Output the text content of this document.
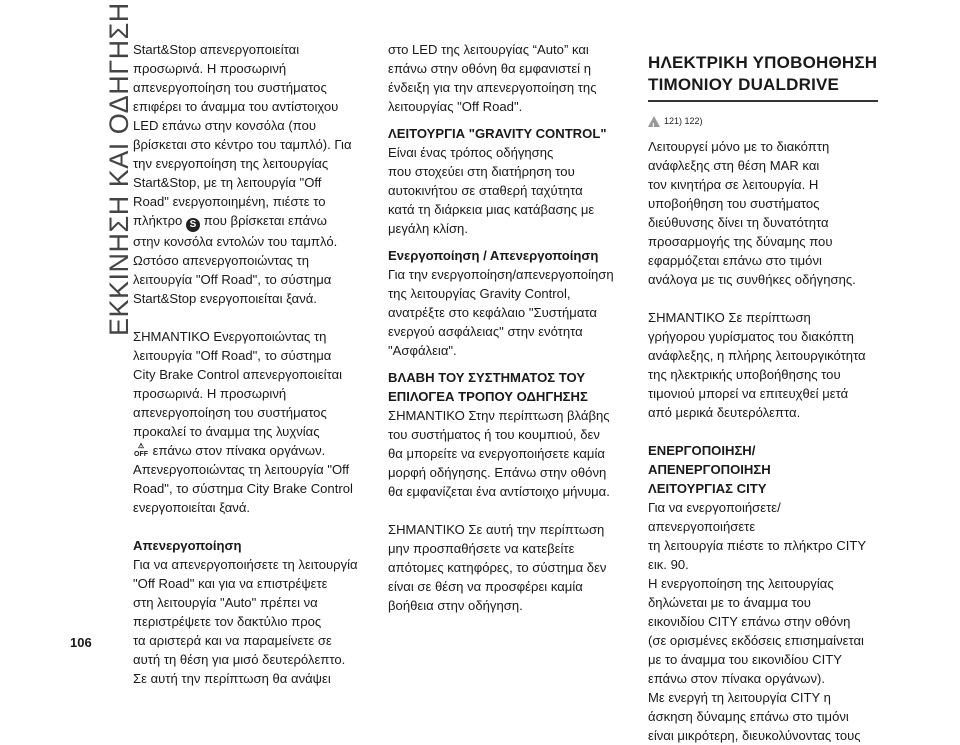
ΕΚΚΙΝΗΣΗ ΚΑΙ ΟΔΗΓΗΣΗ
106
Start&Stop απενεργοποιείται
προσωρινά. Η προσωρινή
απενεργοποίηση του συστήματος
επιφέρει το άναμμα του αντίστοιχου
LED επάνω στην κονσόλα (που
βρίσκεται στο κέντρο του ταμπλό). Για
την ενεργοποίηση της λειτουργίας
Start&Stop, με τη λειτουργία "Off
Road" ενεργοποιημένη, πιέστε το
πλήκτρο S που βρίσκεται επάνω
στην κονσόλα εντολών του ταμπλό.
Ωστόσο απενεργοποιώντας τη
λειτουργία "Off Road", το σύστημα
Start&Stop ενεργοποιείται ξανά.
ΣΗΜΑΝΤΙΚΟ Ενεργοποιώντας τη
λειτουργία "Off Road", το σύστημα
City Brake Control απενεργοποιείται
προσωρινά. Η προσωρινή
απενεργοποίηση του συστήματος
προκαλεί το άναμμα της λυχνίας
⚠
OFF επάνω στον πίνακα οργάνων.
Απενεργοποιώντας τη λειτουργία "Off
Road", το σύστημα City Brake Control
ενεργοποιείται ξανά.
Απενεργοποίηση
Για να απενεργοποιήσετε τη λειτουργία
"Off Road" και για να επιστρέψετε
στη λειτουργία "Auto" πρέπει να
περιστρέψετε τον δακτύλιο προς
τα αριστερά και να παραμείνετε σε
αυτή τη θέση για μισό δευτερόλεπτο.
Σε αυτή την περίπτωση θα ανάψει
στο LED της λειτουργίας “Auto” και
επάνω στην οθόνη θα εμφανιστεί η
ένδειξη για την απενεργοποίηση της
λειτουργίας "Off Road".
ΛΕΙΤΟΥΡΓΙΑ "GRAVITY CONTROL"
Είναι ένας τρόπος οδήγησης
που στοχεύει στη διατήρηση του
αυτοκινήτου σε σταθερή ταχύτητα
κατά τη διάρκεια μιας κατάβασης με
μεγάλη κλίση.
Ενεργοποίηση / Απενεργοποίηση
Για την ενεργοποίηση/απενεργοποίηση
της λειτουργίας Gravity Control,
ανατρέξτε στο κεφάλαιο "Συστήματα
ενεργού ασφάλειας" στην ενότητα
"Ασφάλεια".
ΒΛΑΒΗ ΤΟΥ ΣΥΣΤΗΜΑΤΟΣ ΤΟΥ
ΕΠΙΛΟΓΕΑ ΤΡΟΠΟΥ ΟΔΗΓΗΣΗΣ
ΣΗΜΑΝΤΙΚΟ Στην περίπτωση βλάβης
του συστήματος ή του κουμπιού, δεν
θα μπορείτε να ενεργοποιήσετε καμία
μορφή οδήγησης. Επάνω στην οθόνη
θα εμφανίζεται ένα αντίστοιχο μήνυμα.
ΣΗΜΑΝΤΙΚΟ Σε αυτή την περίπτωση
μην προσπαθήσετε να κατεβείτε
απότομες κατηφόρες, το σύστημα δεν
είναι σε θέση να προσφέρει καμία
βοήθεια στην οδήγηση.
ΗΛΕΚΤΡΙΚΗ ΥΠΟΒΟΗΘΗΣΗ
ΤΙΜΟΝΙΟΥ DUALDRIVE
!
121) 122)
Λειτουργεί μόνο με το διακόπτη
ανάφλεξης στη θέση MAR και
τον κινητήρα σε λειτουργία. Η
υποβοήθηση του συστήματος
διεύθυνσης δίνει τη δυνατότητα
προσαρμογής της δύναμης που
εφαρμόζεται επάνω στο τιμόνι
ανάλογα με τις συνθήκες οδήγησης.
ΣΗΜΑΝΤΙΚΟ Σε περίπτωση
γρήγορου γυρίσματος του διακόπτη
ανάφλεξης, η πλήρης λειτουργικότητα
της ηλεκτρικής υποβοήθησης του
τιμονιού μπορεί να επιτευχθεί μετά
από μερικά δευτερόλεπτα.
ΕΝΕΡΓΟΠΟΙΗΣΗ/ΑΠΕΝΕΡΓΟΠΟΙΗΣΗ
ΛΕΙΤΟΥΡΓΙΑΣ CITY
Για να ενεργοποιήσετε/απενεργοποιήσετε
τη λειτουργία πιέστε το πλήκτρο CITY
εικ. 90.
Η ενεργοποίηση της λειτουργίας
δηλώνεται με το άναμμα του
εικονιδίου CITY επάνω στην οθόνη
(σε ορισμένες εκδόσεις επισημαίνεται
με το άναμμα του εικονιδίου CITY
επάνω στον πίνακα οργάνων).
Με ενεργή τη λειτουργία CITY η
άσκηση δύναμης επάνω στο τιμόνι
είναι μικρότερη, διευκολύνοντας τους
